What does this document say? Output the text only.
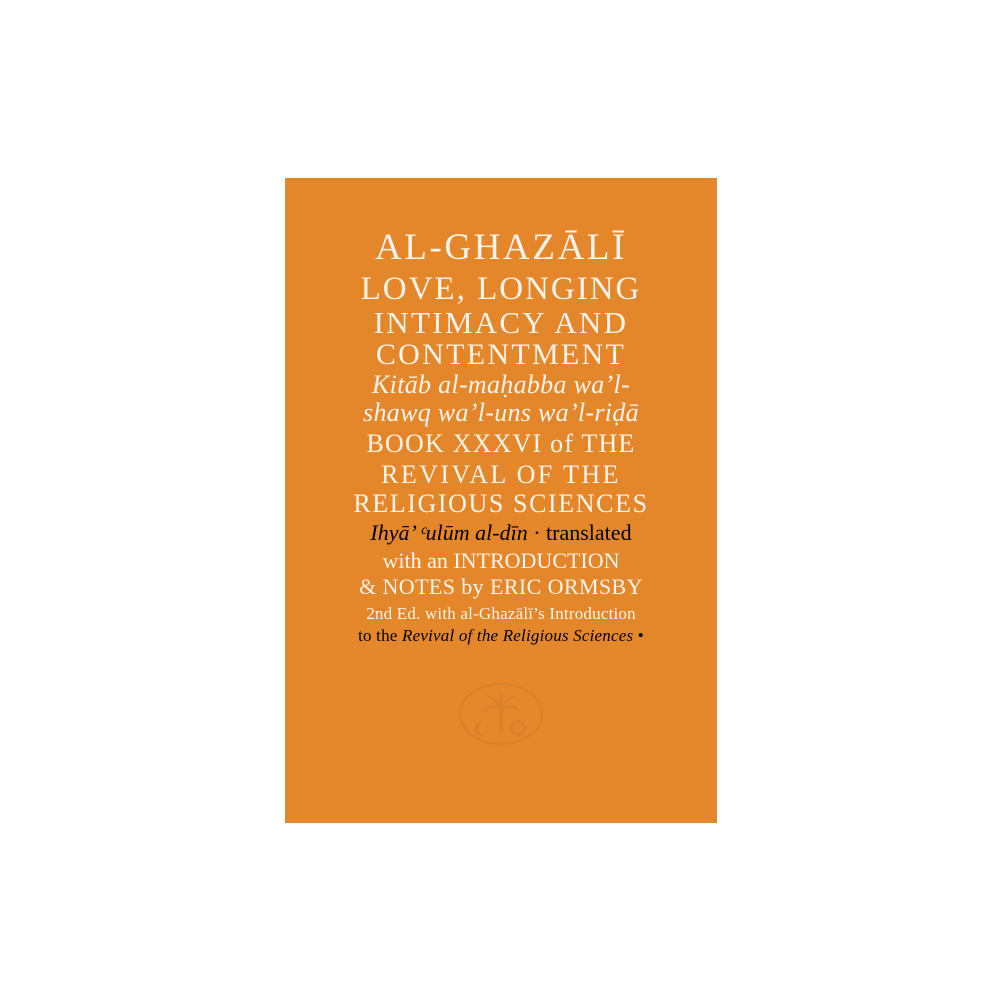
AL-GHAZĀLĪ
LOVE, LONGING
INTIMACY AND
CONTENTMENT
Kitāb al-maḥabba wa’l-
shawq wa’l-uns wa’l-riḍā
BOOK XXXVI of THE
REVIVAL OF THE
RELIGIOUS SCIENCES
Ihyā’ ᶜulūm al-dīn · translated
with an INTRODUCTION
& NOTES by ERIC ORMSBY
2nd Ed. with al-Ghazālī’s Introduction
to the Revival of the Religious Sciences •
